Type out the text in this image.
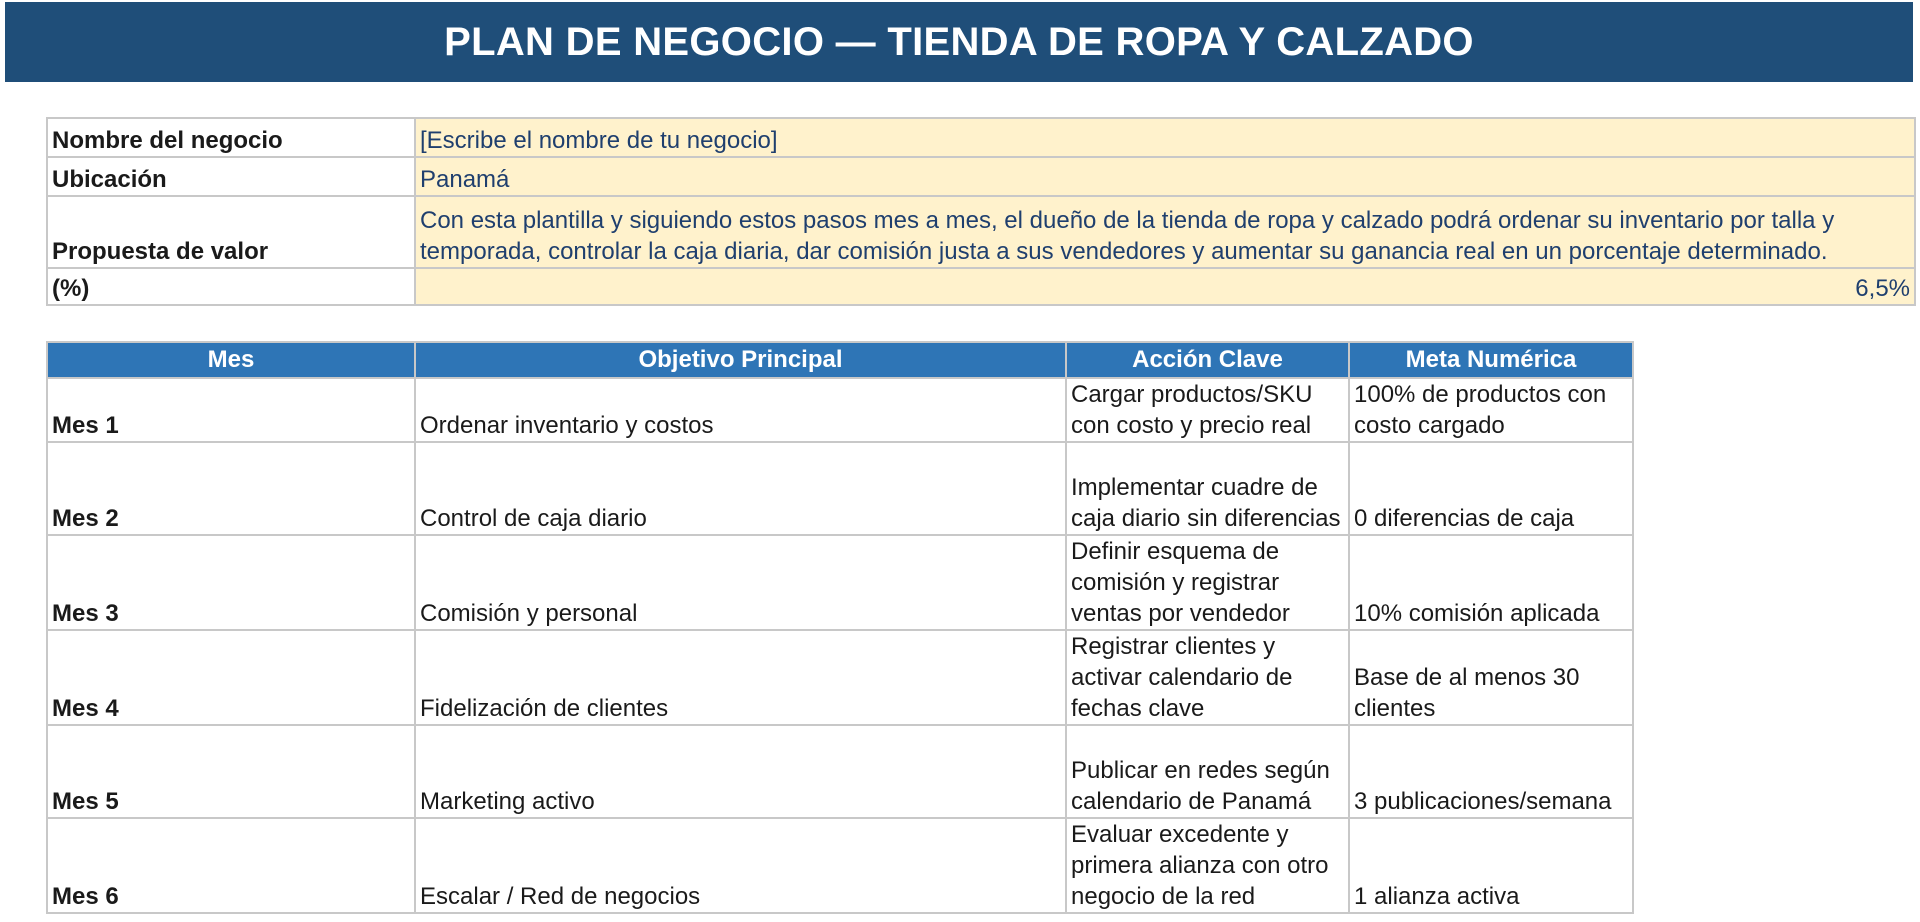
PLAN DE NEGOCIO — TIENDA DE ROPA Y CALZADO
Nombre del negocio	[Escribe el nombre de tu negocio]
Ubicación	Panamá
Propuesta de valor	Con esta plantilla y siguiendo estos pasos mes a mes, el dueño de la tienda de ropa y calzado podrá ordenar su inventario por talla y temporada, controlar la caja diaria, dar comisión justa a sus vendedores y aumentar su ganancia real en un porcentaje determinado.
(%)	6,5%
Mes	Objetivo Principal	Acción Clave	Meta Numérica
Mes 1	Ordenar inventario y costos	Cargar productos/SKU con costo y precio real	100% de productos con costo cargado
Mes 2	Control de caja diario	Implementar cuadre de caja diario sin diferencias	0 diferencias de caja
Mes 3	Comisión y personal	Definir esquema de comisión y registrar ventas por vendedor	10% comisión aplicada
Mes 4	Fidelización de clientes	Registrar clientes y activar calendario de fechas clave	Base de al menos 30 clientes
Mes 5	Marketing activo	Publicar en redes según calendario de Panamá	3 publicaciones/semana
Mes 6	Escalar / Red de negocios	Evaluar excedente y primera alianza con otro negocio de la red	1 alianza activa
